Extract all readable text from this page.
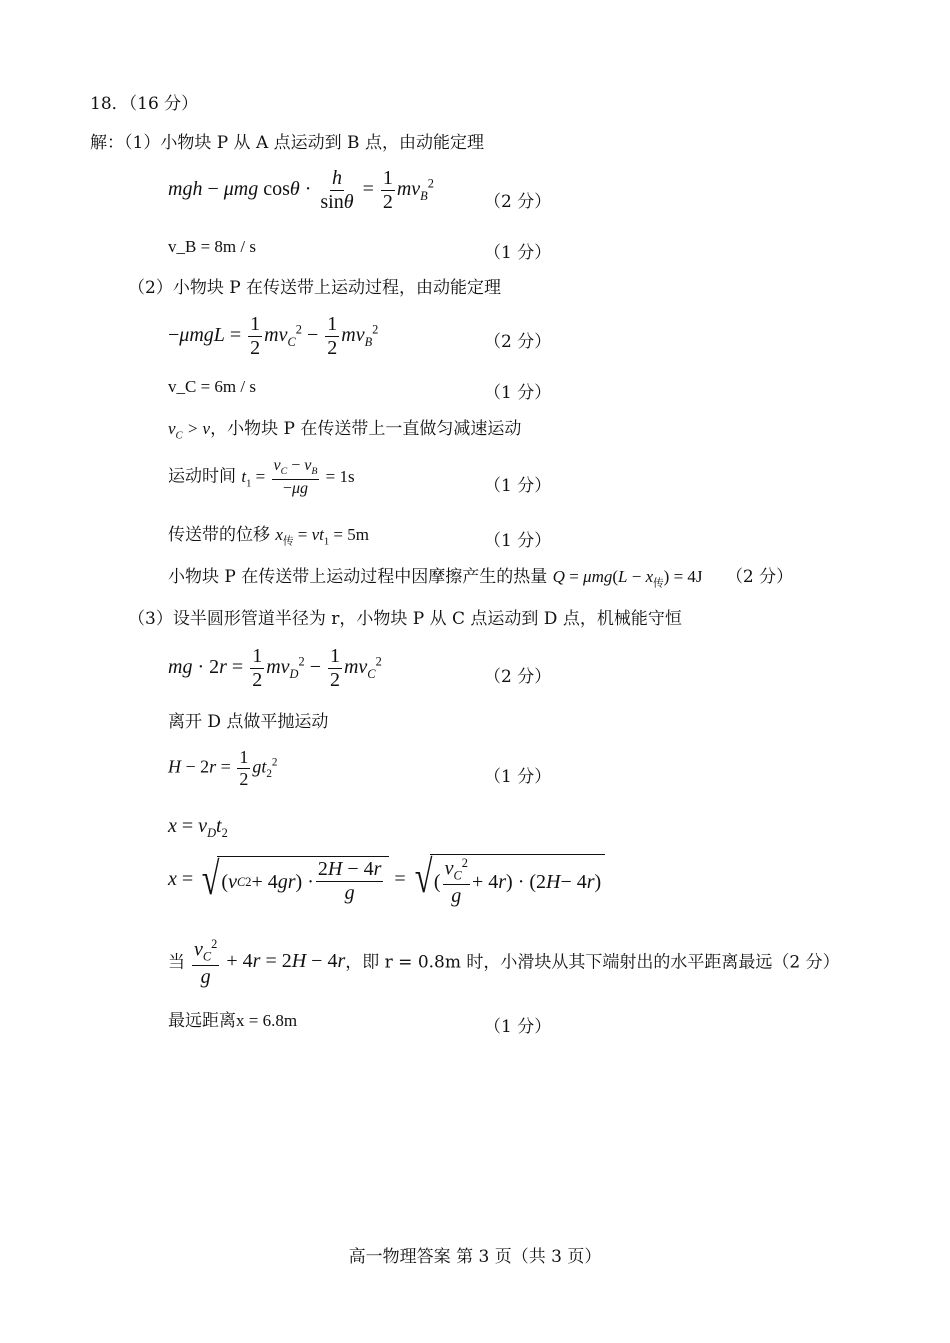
18．（16 分）
解：（1）小物块 P 从 A 点运动到 B 点，由动能定理
mgh − μmg $\cos\theta \cdot \frac{h}{\sin\theta} = \frac{1}{2} mv_B^2$
（2 分）
v_B = 8m / s	（1 分）
（2）小物块 P 在传送带上运动过程，由动能定理
$-\mu mgL = \frac{1}{2} mv_C^2 - \frac{1}{2} mv_B^2$
（2 分）
v_C = 6m / s	（1 分）
$v_C > v$，小物块 P 在传送带上一直做匀减速运动
运动时间 $t_1 = \frac{v_C - v_B}{-\mu g} = 1s$	（1 分）
传送带的位移 $x_传 = vt_1 = 5m$	（1 分）
小物块 P 在传送带上运动过程中因摩擦产生的热量 $Q = \mu mg(L - x_传) = 4J$ （2 分）
（3）设半圆形管道半径为 r，小物块 P 从 C 点运动到 D 点，机械能守恒
mg · $2r = \frac{1}{2} mv_D^2 - \frac{1}{2} mv_C^2$
（2 分）
离开 D 点做平抛运动
$H - 2r = \frac{1}{2} gt_2^2$
（1 分）
$x = v_Dt_2$
x = √ ( v C 2 + 4 gr ) · $\frac{2H - 4r}{g}$ = √ ( $\frac{v_C^2}{g} + 4$ r ) · (2 H − 4 r )
当 $\frac{v_C^2}{g} + 4r = 2H - 4r$，即 r = 0.8m 时，小滑块从其下端射出的水平距离最远（2 分）
最远距离x = 6.8m	（1 分）
高一物理答案 第 3 页（共 3 页）
